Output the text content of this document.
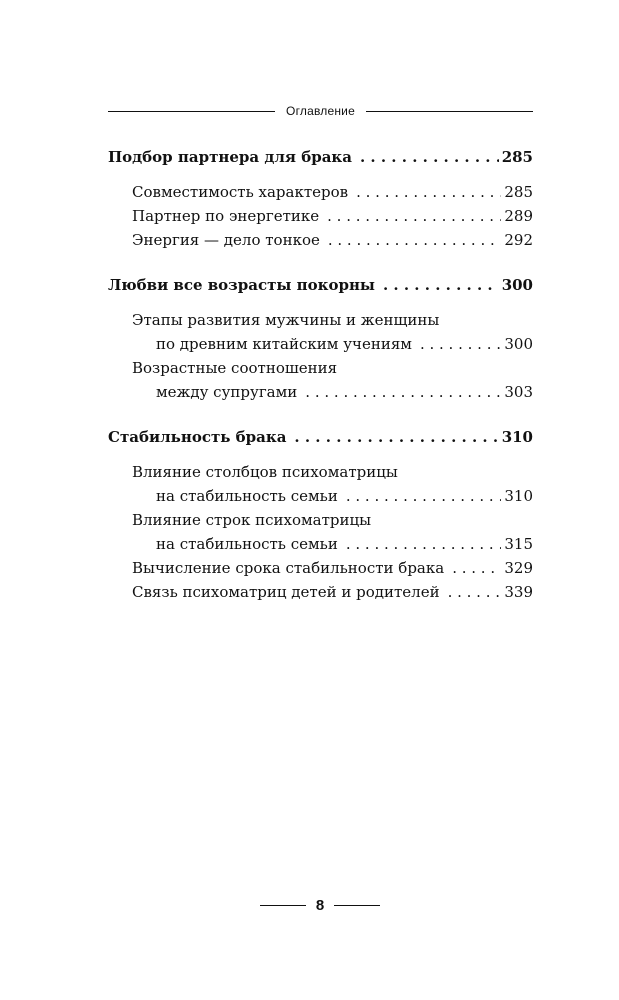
Оглавление
Подбор партнера для брака . . .	285
Совместимость характеров . . .	285
Партнер по энергетике . . .	289
Энергия — дело тонкое . . .	292
Любви все возрасты покорны . . .	300
Этапы развития мужчины и женщины
по древним китайским учениям . . .	300
Возрастные соотношения
между супругами . . .	303
Стабильность брака . . .	310
Влияние столбцов психоматрицы
на стабильность семьи . . .	310
Влияние строк психоматрицы
на стабильность семьи . . .	315
Вычисление срока стабильности брака . . .	329
Связь психоматриц детей и родителей . . .	339
8
